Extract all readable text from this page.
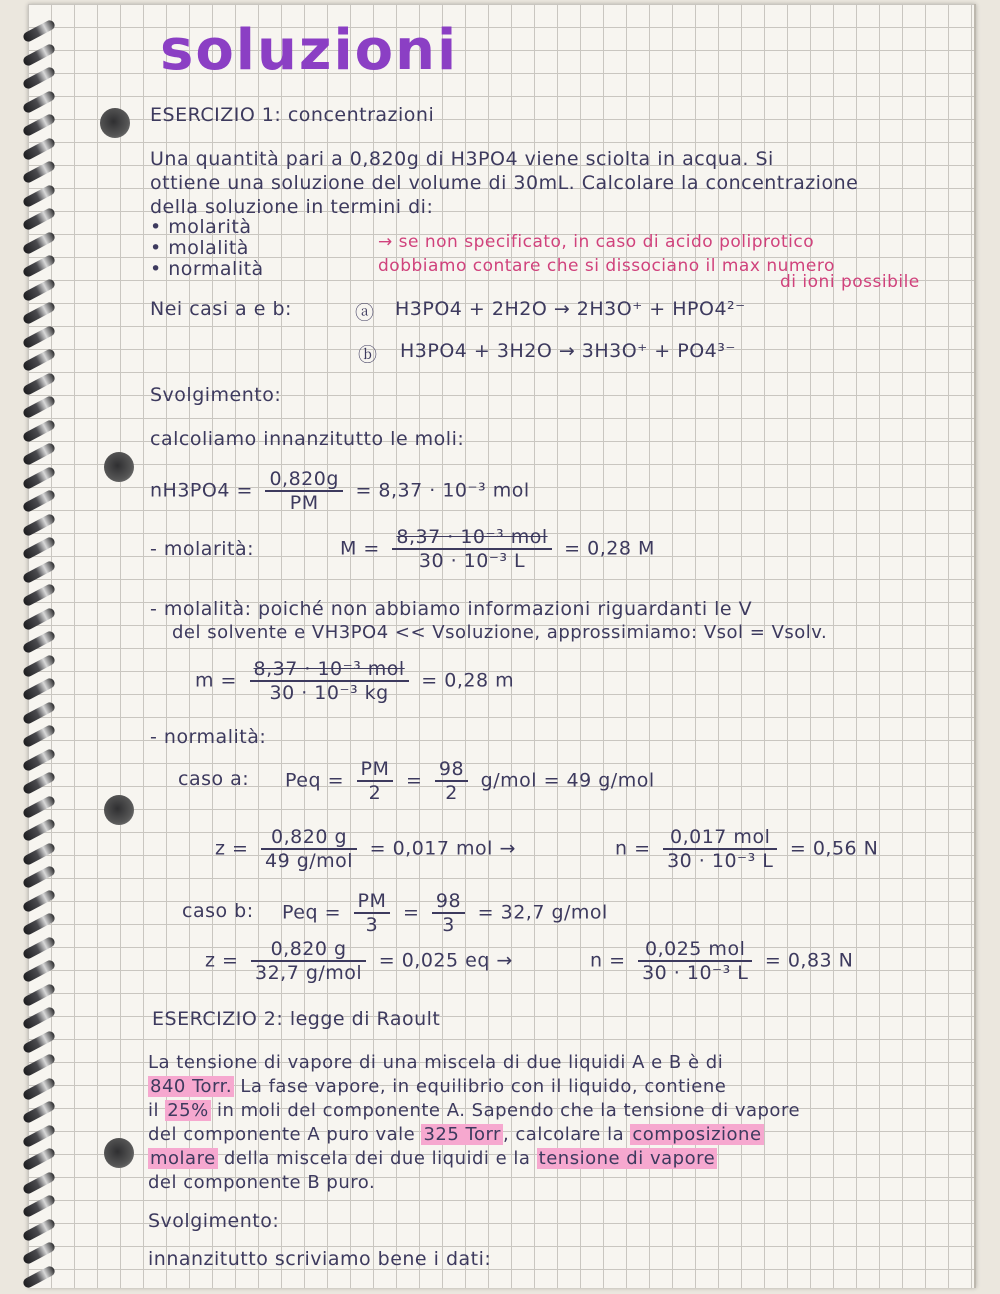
soluzioni
ESERCIZIO 1: concentrazioni
Una quantità pari a 0,820g di H3PO4 viene sciolta in acqua. Si
ottiene una soluzione del volume di 30mL. Calcolare la concentrazione
della soluzione in termini di:
• molarità
• molalità
• normalità
→ se non specificato, in caso di acido poliprotico
dobbiamo contare che si dissociano il max numero
di ioni possibile
Nei casi a e b:	ⓐ H3PO4 + 2H2O → 2H3O⁺ + HPO4²⁻
ⓑ H3PO4 + 3H2O → 3H3O⁺ + PO4³⁻
Svolgimento:
calcoliamo innanzitutto le moli:
$nH3PO4 = \frac{0,820g}{PM} = 8,37 \cdot 10^{-3}$ mol
- molarità:	$M = \frac{\text{8,37 · 10⁻³ mol}}{\text{30 · 10⁻³ L}} = 0,28$ M
- molalità: poiché non abbiamo informazioni riguardanti le V
del solvente e VH3PO4 << Vsoluzione, approssimiamo: Vsol = Vsolv.
$m = \frac{\text{8,37 · 10⁻³ mol}}{\text{30 · 10⁻³ kg}} = 0,28$ m
- normalità:
caso a: Peq = $\frac{PM}{2} = \frac{98}{2} g/mol = 49$ g/mol
$z = \frac{0,820 g}{\text{49 g/mol}} = 0,017$ mol →	$n = \frac{\text{0,017 mol}}{\text{30 · 10⁻³ L}} = 0,56$ N
caso b: Peq = $\frac{PM}{3} = \frac{98}{3} = 32,7$ g/mol
$z = \frac{0,820 g}{\text{32,7 g/mol}} = 0,025$ eq →	$n = \frac{\text{0,025 mol}}{\text{30 · 10⁻³ L}} = 0,83$ N
ESERCIZIO 2: legge di Raoult
La tensione di vapore di una miscela di due liquidi A e B è di
840 Torr. La fase vapore, in equilibrio con il liquido, contiene
il 25% in moli del componente A. Sapendo che la tensione di vapore
del componente A puro vale 325 Torr , calcolare la composizione
molare della miscela dei due liquidi e la tensione di vapore
del componente B puro.
Svolgimento:
innanzitutto scriviamo bene i dati:
